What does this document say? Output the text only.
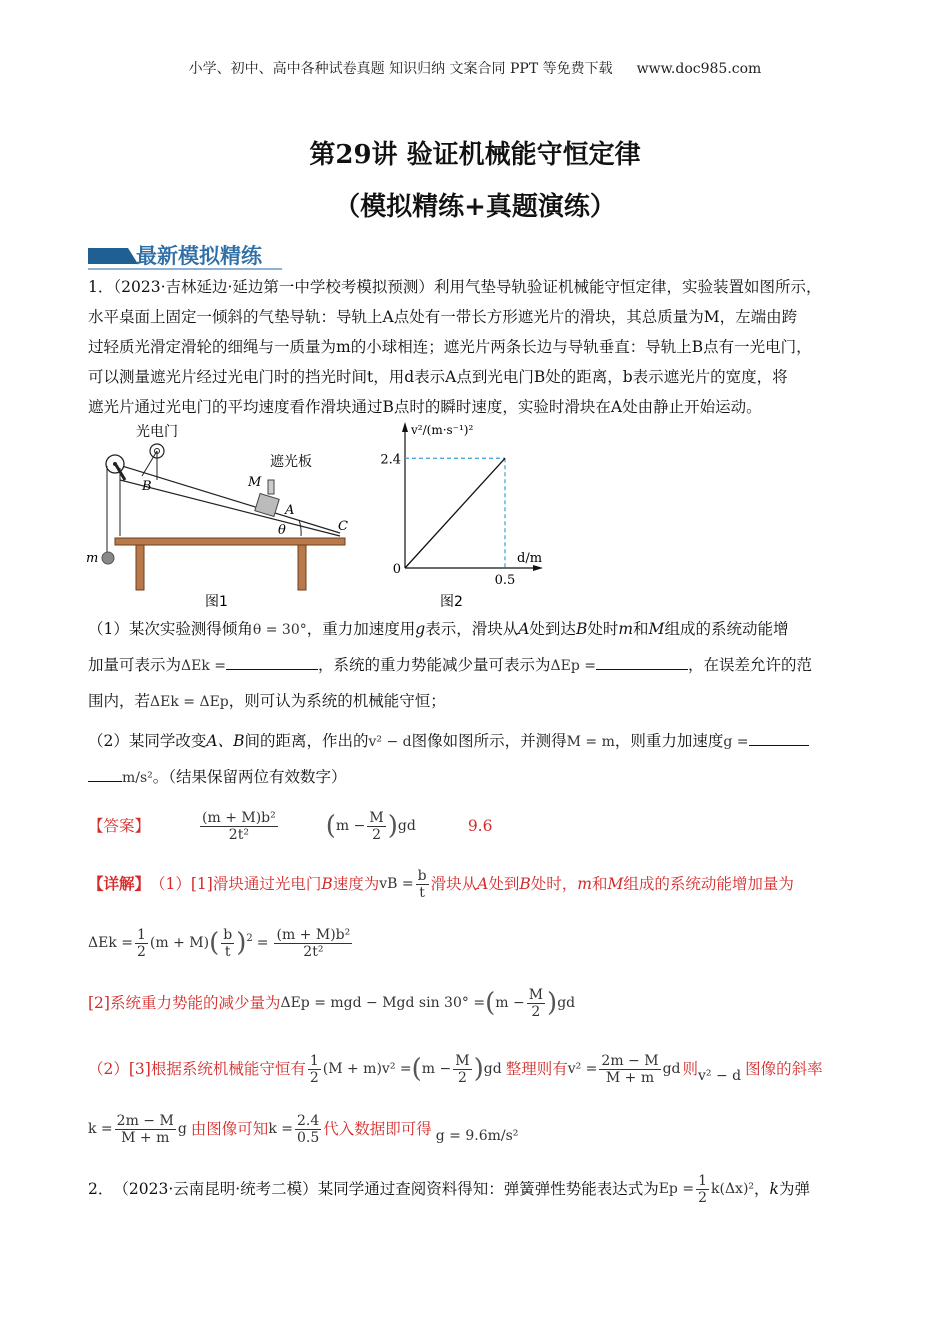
小学、初中、高中各种试卷真题 知识归纳 文案合同 PPT 等免费下载 www.doc985.com
第29讲 验证机械能守恒定律
（模拟精练+真题演练）
最新模拟精练
1．（2023·吉林延边·延边第一中学校考模拟预测）利用气垫导轨验证机械能守恒定律，实验装置如图所示，
水平桌面上固定一倾斜的气垫导轨：导轨上A点处有一带长方形遮光片的滑块，其总质量为M，左端由跨
过轻质光滑定滑轮的细绳与一质量为m的小球相连；遮光片两条长边与导轨垂直：导轨上B点有一光电门，
可以测量遮光片经过光电门时的挡光时间t，用d表示A点到光电门B处的距离，b表示遮光片的宽度，将
遮光片通过光电门的平均速度看作滑块通过B点时的瞬时速度，实验时滑块在A处由静止开始运动。
光电门
遮光板
B	M
A
θ	C
m
图1
v²/(m·s⁻¹)²
d/m
2.4
0.5
0
图2
（1）某次实验测得倾角θ = 30°，重力加速度用g表示，滑块从A处到达B处时m和M组成的系统动能增
加量可表示为ΔEk =	，系统的重力势能减少量可表示为ΔEp =	，在误差允许的范
围内，若ΔEk = ΔEp，则可认为系统的机械能守恒；
（2）某同学改变A、B间的距离，作出的v² − d图像如图所示，并测得M = m，则重力加速度g =
m/s²。（结果保留两位有效数字）
【答案】	$\frac{\text{(m + M)b²}}{\text{2t²}}$ ( $m - \frac{M}{2}$ ) gd	9.6
【详解】 （1）[1]滑块通过光电门 B 速度为 vB = $\frac{b}{t}$ 滑块从 A 处到 B 处时， m 和 M 组成的系统动能增加量为
$\Delta Ek = \frac{1}{2} (m + M)$ ( $\frac{b}{t} )^2 = \frac{\text{(m + M)b²}}{\text{2t²}}$
[2]系统重力势能的减少量为 ΔEp = mgd − Mgd sin 30° = ( $m - \frac{M}{2}$ ) gd
（2）[3]根据系统机械能守恒有 $\frac{1}{2} (M + m)v^2$ = ( $m - \frac{M}{2}$ ) gd 整理则有 $v^2 = \frac{2m - M}{M + m}$ gd 则 v² − d 图像的斜率
$k = \frac{2m - M}{M + m}$ g 由图像可知 $k = \frac{2.4}{0.5}$ 代入数据即可得 g = 9.6m/s²
2． （2023·云南昆明·统考二模） 某同学通过查阅资料得知：弹簧弹性势能表达式为 $Ep = \frac{1}{2} k(\Delta x)^2$ ， k 为弹
